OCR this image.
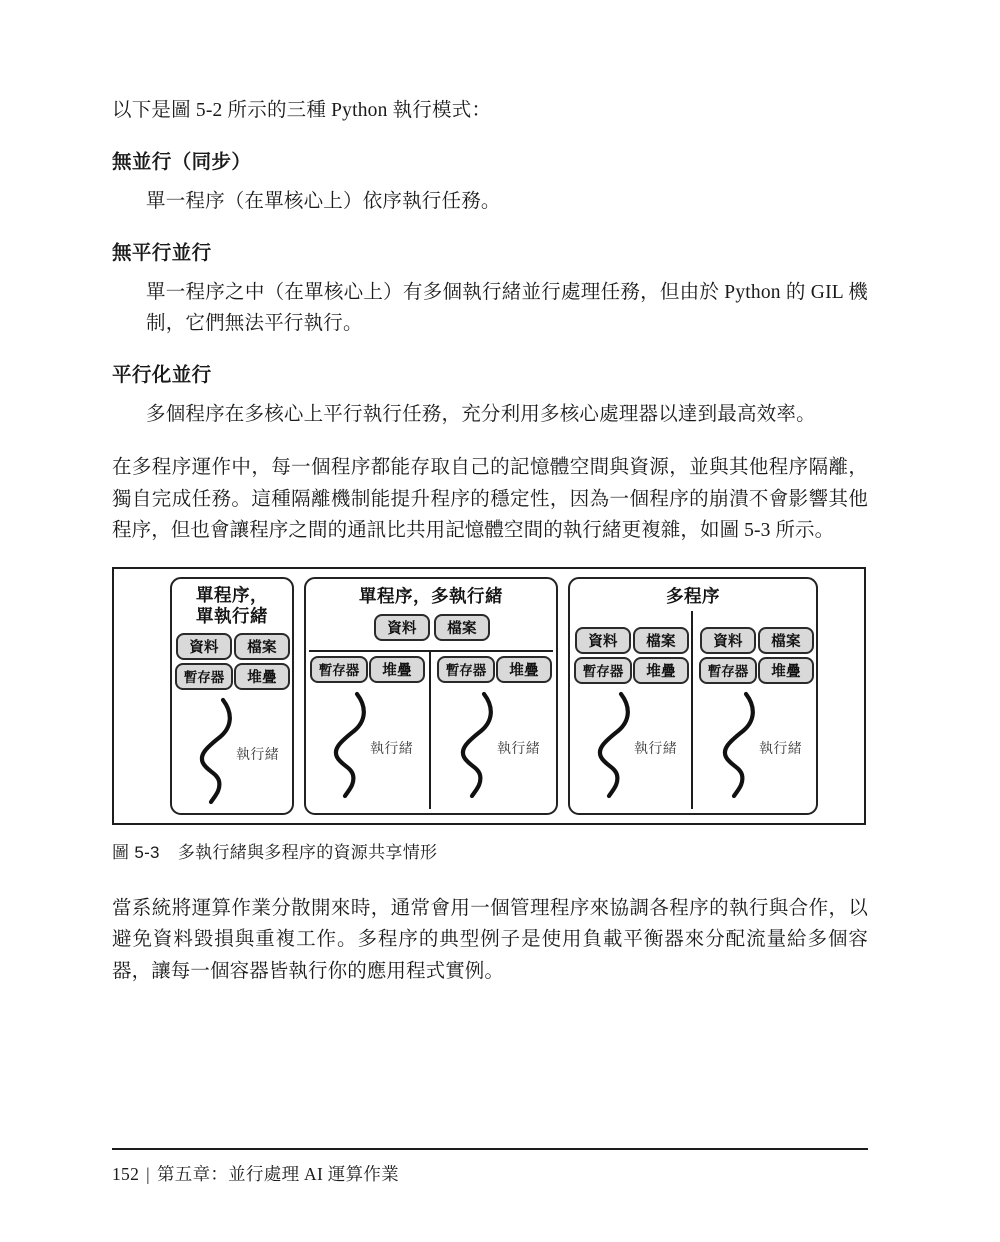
以下是圖 5-2 所示的三種 Python 執行模式：

無並行（同步）

單一程序（在單核心上）依序執行任務。

無平行並行

單一程序之中（在單核心上）有多個執行緒並行處理任務，但由於 Python 的 GIL 機制，它們無法平行執行。

平行化並行

多個程序在多核心上平行執行任務，充分利用多核心處理器以達到最高效率。

在多程序運作中，每一個程序都能存取自己的記憶體空間與資源，並與其他程序隔離，獨自完成任務。這種隔離機制能提升程序的穩定性，因為一個程序的崩潰不會影響其他程序，但也會讓程序之間的通訊比共用記憶體空間的執行緒更複雜，如圖 5-3 所示。

單程序，
單執行緒
資料	檔案
暫存器	堆疊
執行緒
單程序，多執行緒
資料	檔案
暫存器	堆疊
執行緒
暫存器	堆疊
執行緒
多程序
資料	檔案
暫存器	堆疊
執行緒
資料	檔案
暫存器	堆疊
執行緒
圖 5-3 多執行緒與多程序的資源共享情形

當系統將運算作業分散開來時，通常會用一個管理程序來協調各程序的執行與合作，以避免資料毀損與重複工作。多程序的典型例子是使用負載平衡器來分配流量給多個容器，讓每一個容器皆執行你的應用程式實例。

152 | 第五章：並行處理 AI 運算作業
